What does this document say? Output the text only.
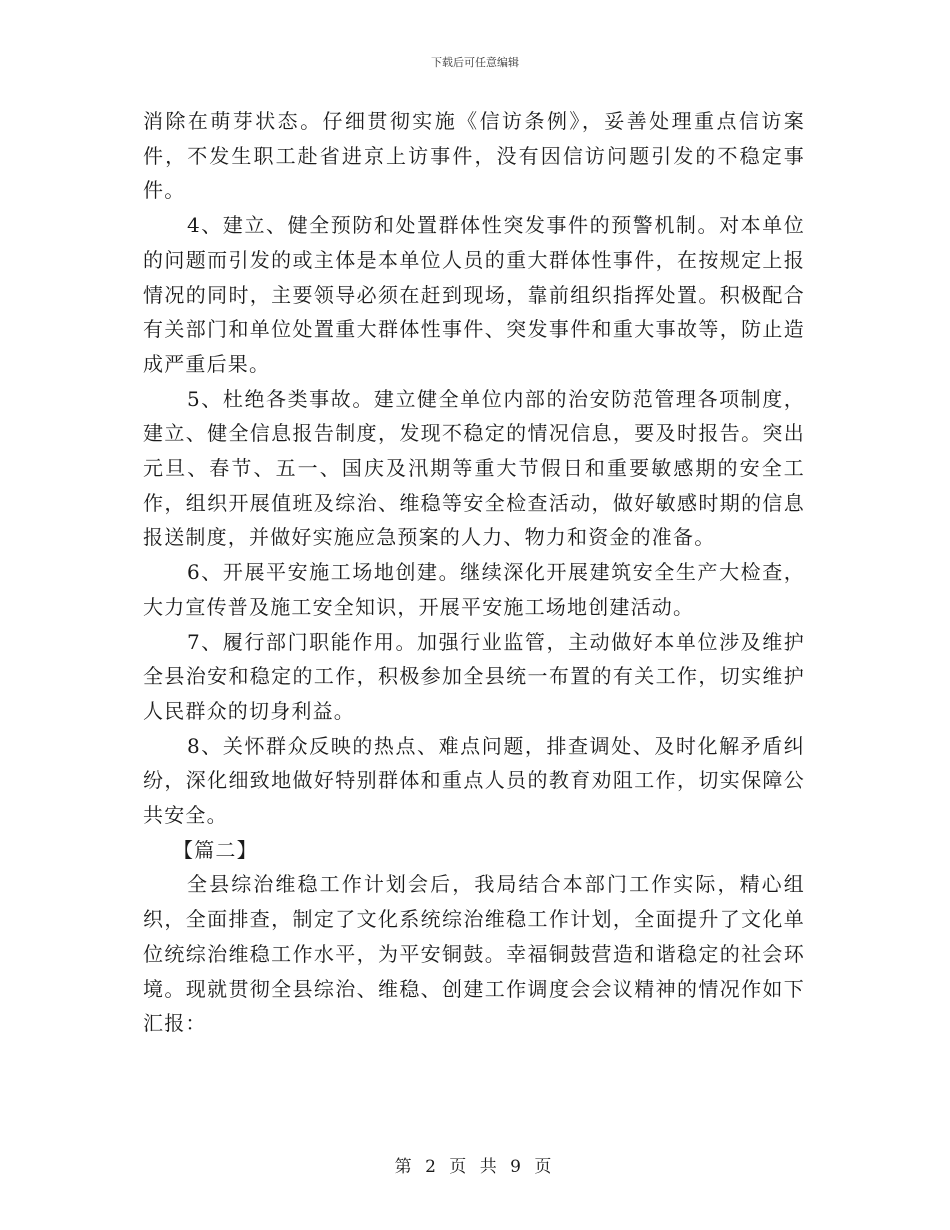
下载后可任意编辑

消除在萌芽状态。仔细贯彻实施《信访条例》，妥善处理重点信访案件，不发生职工赴省进京上访事件，没有因信访问题引发的不稳定事件。

4、建立、健全预防和处置群体性突发事件的预警机制。对本单位的问题而引发的或主体是本单位人员的重大群体性事件，在按规定上报情况的同时，主要领导必须在赶到现场，靠前组织指挥处置。积极配合有关部门和单位处置重大群体性事件、突发事件和重大事故等，防止造成严重后果。

5、杜绝各类事故。建立健全单位内部的治安防范管理各项制度，建立、健全信息报告制度，发现不稳定的情况信息，要及时报告。突出元旦、春节、五一、国庆及汛期等重大节假日和重要敏感期的安全工作，组织开展值班及综治、维稳等安全检查活动，做好敏感时期的信息报送制度，并做好实施应急预案的人力、物力和资金的准备。

6、开展平安施工场地创建。继续深化开展建筑安全生产大检查，大力宣传普及施工安全知识，开展平安施工场地创建活动。

7、履行部门职能作用。加强行业监管，主动做好本单位涉及维护全县治安和稳定的工作，积极参加全县统一布置的有关工作，切实维护人民群众的切身利益。

8、关怀群众反映的热点、难点问题，排查调处、及时化解矛盾纠纷，深化细致地做好特别群体和重点人员的教育劝阻工作，切实保障公共安全。

【篇二】

全县综治维稳工作计划会后，我局结合本部门工作实际，精心组织，全面排查，制定了文化系统综治维稳工作计划，全面提升了文化单位统综治维稳工作水平，为平安铜鼓。幸福铜鼓营造和谐稳定的社会环境。现就贯彻全县综治、维稳、创建工作调度会会议精神的情况作如下汇报：

第 2 页 共 9 页
